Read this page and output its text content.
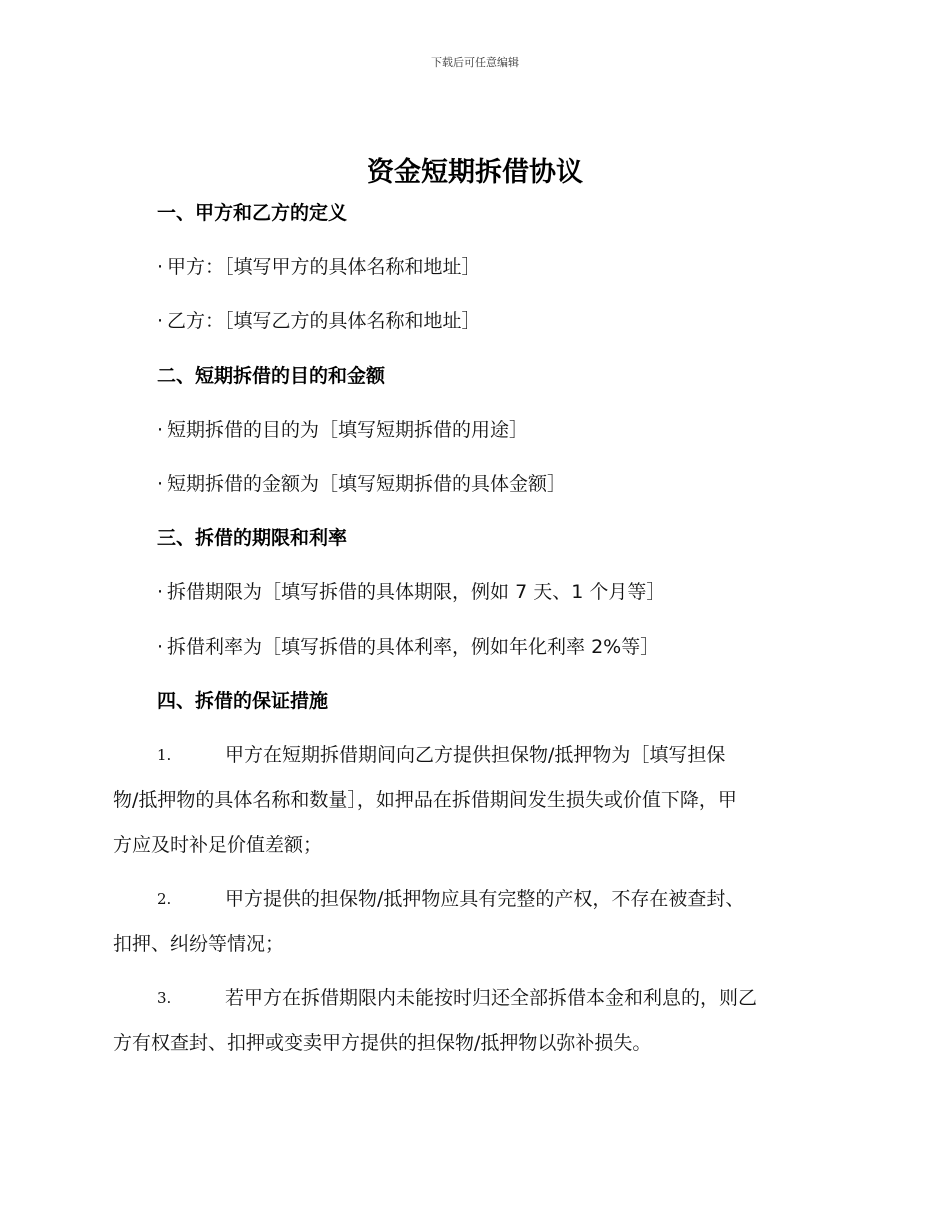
下载后可任意编辑
资金短期拆借协议
一、甲方和乙方的定义
· 甲方：［填写甲方的具体名称和地址］
· 乙方：［填写乙方的具体名称和地址］
二、短期拆借的目的和金额
· 短期拆借的目的为［填写短期拆借的用途］
· 短期拆借的金额为［填写短期拆借的具体金额］
三、拆借的期限和利率
· 拆借期限为［填写拆借的具体期限，例如 7 天、1 个月等］
· 拆借利率为［填写拆借的具体利率，例如年化利率 2%等］
四、拆借的保证措施
1.	甲方在短期拆借期间向乙方提供担保物/抵押物为［填写担保
物/抵押物的具体名称和数量］，如押品在拆借期间发生损失或价值下降，甲
方应及时补足价值差额；
2.	甲方提供的担保物/抵押物应具有完整的产权，不存在被查封、
扣押、纠纷等情况；
3.	若甲方在拆借期限内未能按时归还全部拆借本金和利息的，则乙
方有权查封、扣押或变卖甲方提供的担保物/抵押物以弥补损失。
